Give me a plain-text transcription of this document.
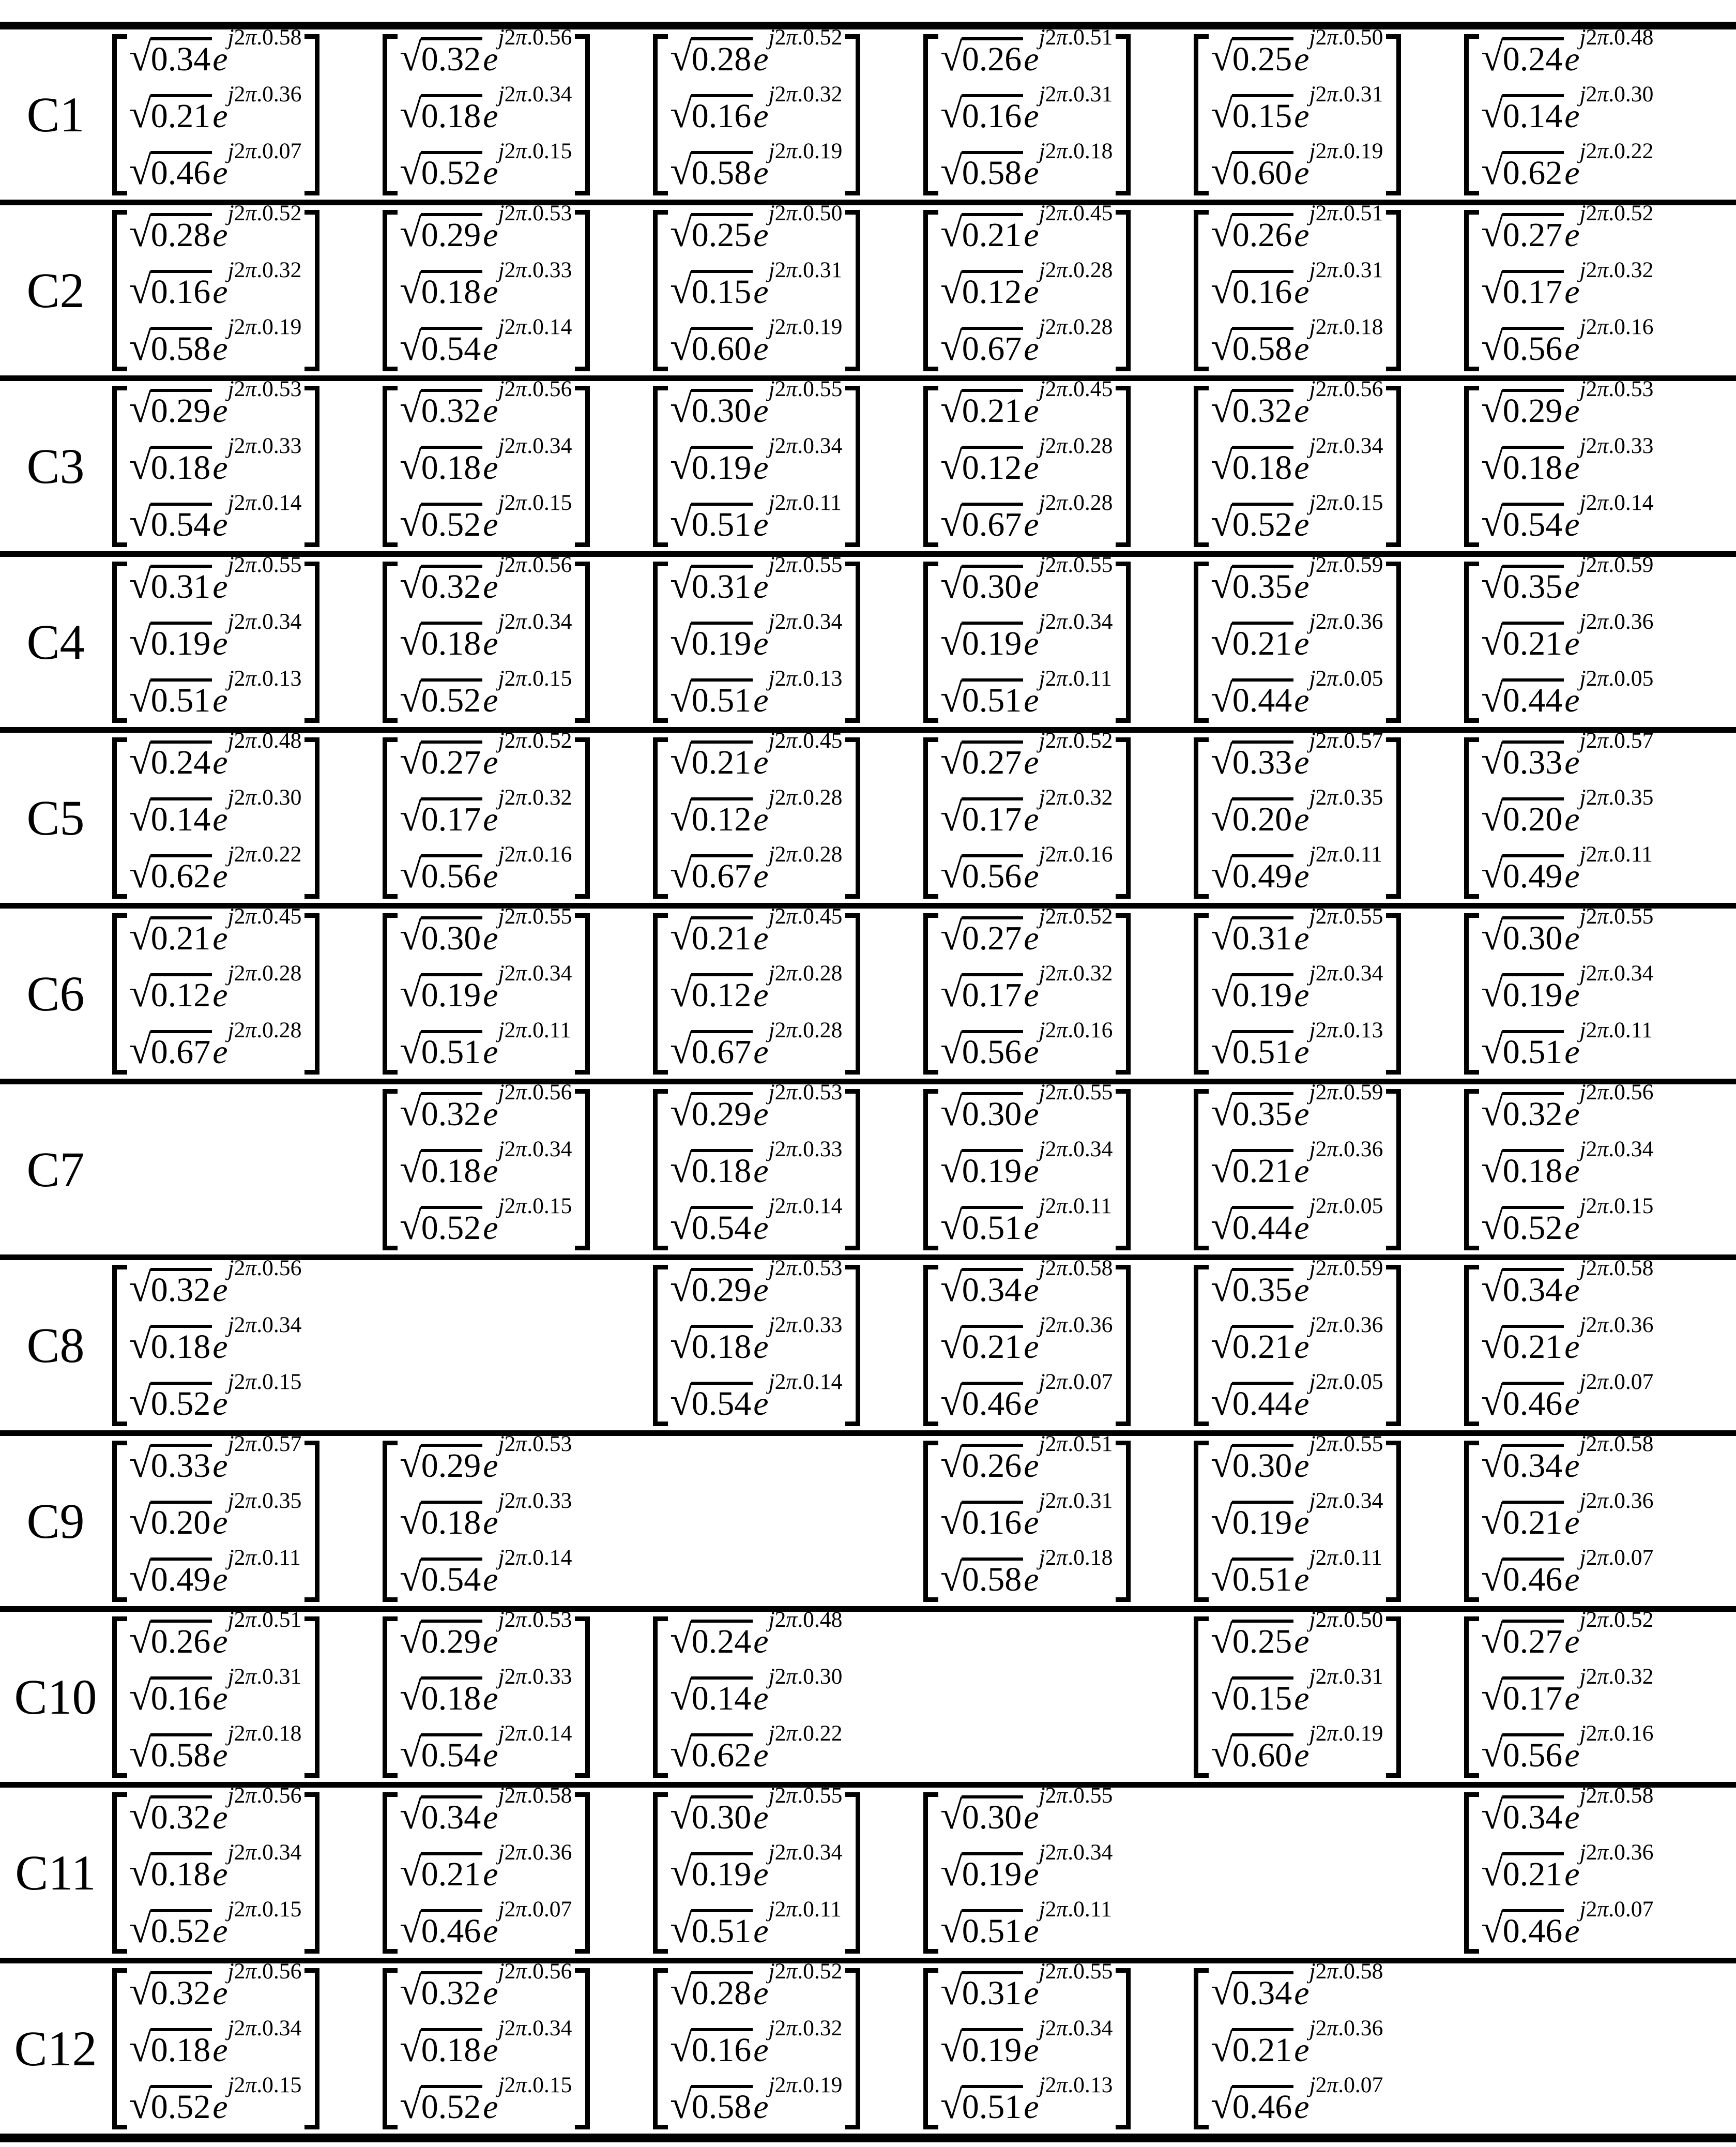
C1
$√0.34e^{j2\pi.0.58}$
$√0.21e^{j2\pi.0.36}$
$√0.46e^{j2\pi.0.07}$
$√0.32e^{j2\pi.0.56}$
$√0.18e^{j2\pi.0.34}$
$√0.52e^{j2\pi.0.15}$
$√0.28e^{j2\pi.0.52}$
$√0.16e^{j2\pi.0.32}$
$√0.58e^{j2\pi.0.19}$
$√0.26e^{j2\pi.0.51}$
$√0.16e^{j2\pi.0.31}$
$√0.58e^{j2\pi.0.18}$
$√0.25e^{j2\pi.0.50}$
$√0.15e^{j2\pi.0.31}$
$√0.60e^{j2\pi.0.19}$
$√0.24e^{j2\pi.0.48}$
$√0.14e^{j2\pi.0.30}$
$√0.62e^{j2\pi.0.22}$
C2
$√0.28e^{j2\pi.0.52}$
$√0.16e^{j2\pi.0.32}$
$√0.58e^{j2\pi.0.19}$
$√0.29e^{j2\pi.0.53}$
$√0.18e^{j2\pi.0.33}$
$√0.54e^{j2\pi.0.14}$
$√0.25e^{j2\pi.0.50}$
$√0.15e^{j2\pi.0.31}$
$√0.60e^{j2\pi.0.19}$
$√0.21e^{j2\pi.0.45}$
$√0.12e^{j2\pi.0.28}$
$√0.67e^{j2\pi.0.28}$
$√0.26e^{j2\pi.0.51}$
$√0.16e^{j2\pi.0.31}$
$√0.58e^{j2\pi.0.18}$
$√0.27e^{j2\pi.0.52}$
$√0.17e^{j2\pi.0.32}$
$√0.56e^{j2\pi.0.16}$
C3
$√0.29e^{j2\pi.0.53}$
$√0.18e^{j2\pi.0.33}$
$√0.54e^{j2\pi.0.14}$
$√0.32e^{j2\pi.0.56}$
$√0.18e^{j2\pi.0.34}$
$√0.52e^{j2\pi.0.15}$
$√0.30e^{j2\pi.0.55}$
$√0.19e^{j2\pi.0.34}$
$√0.51e^{j2\pi.0.11}$
$√0.21e^{j2\pi.0.45}$
$√0.12e^{j2\pi.0.28}$
$√0.67e^{j2\pi.0.28}$
$√0.32e^{j2\pi.0.56}$
$√0.18e^{j2\pi.0.34}$
$√0.52e^{j2\pi.0.15}$
$√0.29e^{j2\pi.0.53}$
$√0.18e^{j2\pi.0.33}$
$√0.54e^{j2\pi.0.14}$
C4
$√0.31e^{j2\pi.0.55}$
$√0.19e^{j2\pi.0.34}$
$√0.51e^{j2\pi.0.13}$
$√0.32e^{j2\pi.0.56}$
$√0.18e^{j2\pi.0.34}$
$√0.52e^{j2\pi.0.15}$
$√0.31e^{j2\pi.0.55}$
$√0.19e^{j2\pi.0.34}$
$√0.51e^{j2\pi.0.13}$
$√0.30e^{j2\pi.0.55}$
$√0.19e^{j2\pi.0.34}$
$√0.51e^{j2\pi.0.11}$
$√0.35e^{j2\pi.0.59}$
$√0.21e^{j2\pi.0.36}$
$√0.44e^{j2\pi.0.05}$
$√0.35e^{j2\pi.0.59}$
$√0.21e^{j2\pi.0.36}$
$√0.44e^{j2\pi.0.05}$
C5
$√0.24e^{j2\pi.0.48}$
$√0.14e^{j2\pi.0.30}$
$√0.62e^{j2\pi.0.22}$
$√0.27e^{j2\pi.0.52}$
$√0.17e^{j2\pi.0.32}$
$√0.56e^{j2\pi.0.16}$
$√0.21e^{j2\pi.0.45}$
$√0.12e^{j2\pi.0.28}$
$√0.67e^{j2\pi.0.28}$
$√0.27e^{j2\pi.0.52}$
$√0.17e^{j2\pi.0.32}$
$√0.56e^{j2\pi.0.16}$
$√0.33e^{j2\pi.0.57}$
$√0.20e^{j2\pi.0.35}$
$√0.49e^{j2\pi.0.11}$
$√0.33e^{j2\pi.0.57}$
$√0.20e^{j2\pi.0.35}$
$√0.49e^{j2\pi.0.11}$
C6
$√0.21e^{j2\pi.0.45}$
$√0.12e^{j2\pi.0.28}$
$√0.67e^{j2\pi.0.28}$
$√0.30e^{j2\pi.0.55}$
$√0.19e^{j2\pi.0.34}$
$√0.51e^{j2\pi.0.11}$
$√0.21e^{j2\pi.0.45}$
$√0.12e^{j2\pi.0.28}$
$√0.67e^{j2\pi.0.28}$
$√0.27e^{j2\pi.0.52}$
$√0.17e^{j2\pi.0.32}$
$√0.56e^{j2\pi.0.16}$
$√0.31e^{j2\pi.0.55}$
$√0.19e^{j2\pi.0.34}$
$√0.51e^{j2\pi.0.13}$
$√0.30e^{j2\pi.0.55}$
$√0.19e^{j2\pi.0.34}$
$√0.51e^{j2\pi.0.11}$
C7
$√0.32e^{j2\pi.0.56}$
$√0.18e^{j2\pi.0.34}$
$√0.52e^{j2\pi.0.15}$
$√0.29e^{j2\pi.0.53}$
$√0.18e^{j2\pi.0.33}$
$√0.54e^{j2\pi.0.14}$
$√0.30e^{j2\pi.0.55}$
$√0.19e^{j2\pi.0.34}$
$√0.51e^{j2\pi.0.11}$
$√0.35e^{j2\pi.0.59}$
$√0.21e^{j2\pi.0.36}$
$√0.44e^{j2\pi.0.05}$
$√0.32e^{j2\pi.0.56}$
$√0.18e^{j2\pi.0.34}$
$√0.52e^{j2\pi.0.15}$
C8
$√0.32e^{j2\pi.0.56}$
$√0.18e^{j2\pi.0.34}$
$√0.52e^{j2\pi.0.15}$
$√0.29e^{j2\pi.0.53}$
$√0.18e^{j2\pi.0.33}$
$√0.54e^{j2\pi.0.14}$
$√0.34e^{j2\pi.0.58}$
$√0.21e^{j2\pi.0.36}$
$√0.46e^{j2\pi.0.07}$
$√0.35e^{j2\pi.0.59}$
$√0.21e^{j2\pi.0.36}$
$√0.44e^{j2\pi.0.05}$
$√0.34e^{j2\pi.0.58}$
$√0.21e^{j2\pi.0.36}$
$√0.46e^{j2\pi.0.07}$
C9
$√0.33e^{j2\pi.0.57}$
$√0.20e^{j2\pi.0.35}$
$√0.49e^{j2\pi.0.11}$
$√0.29e^{j2\pi.0.53}$
$√0.18e^{j2\pi.0.33}$
$√0.54e^{j2\pi.0.14}$
$√0.26e^{j2\pi.0.51}$
$√0.16e^{j2\pi.0.31}$
$√0.58e^{j2\pi.0.18}$
$√0.30e^{j2\pi.0.55}$
$√0.19e^{j2\pi.0.34}$
$√0.51e^{j2\pi.0.11}$
$√0.34e^{j2\pi.0.58}$
$√0.21e^{j2\pi.0.36}$
$√0.46e^{j2\pi.0.07}$
C10
$√0.26e^{j2\pi.0.51}$
$√0.16e^{j2\pi.0.31}$
$√0.58e^{j2\pi.0.18}$
$√0.29e^{j2\pi.0.53}$
$√0.18e^{j2\pi.0.33}$
$√0.54e^{j2\pi.0.14}$
$√0.24e^{j2\pi.0.48}$
$√0.14e^{j2\pi.0.30}$
$√0.62e^{j2\pi.0.22}$
$√0.25e^{j2\pi.0.50}$
$√0.15e^{j2\pi.0.31}$
$√0.60e^{j2\pi.0.19}$
$√0.27e^{j2\pi.0.52}$
$√0.17e^{j2\pi.0.32}$
$√0.56e^{j2\pi.0.16}$
C11
$√0.32e^{j2\pi.0.56}$
$√0.18e^{j2\pi.0.34}$
$√0.52e^{j2\pi.0.15}$
$√0.34e^{j2\pi.0.58}$
$√0.21e^{j2\pi.0.36}$
$√0.46e^{j2\pi.0.07}$
$√0.30e^{j2\pi.0.55}$
$√0.19e^{j2\pi.0.34}$
$√0.51e^{j2\pi.0.11}$
$√0.30e^{j2\pi.0.55}$
$√0.19e^{j2\pi.0.34}$
$√0.51e^{j2\pi.0.11}$
$√0.34e^{j2\pi.0.58}$
$√0.21e^{j2\pi.0.36}$
$√0.46e^{j2\pi.0.07}$
C12
$√0.32e^{j2\pi.0.56}$
$√0.18e^{j2\pi.0.34}$
$√0.52e^{j2\pi.0.15}$
$√0.32e^{j2\pi.0.56}$
$√0.18e^{j2\pi.0.34}$
$√0.52e^{j2\pi.0.15}$
$√0.28e^{j2\pi.0.52}$
$√0.16e^{j2\pi.0.32}$
$√0.58e^{j2\pi.0.19}$
$√0.31e^{j2\pi.0.55}$
$√0.19e^{j2\pi.0.34}$
$√0.51e^{j2\pi.0.13}$
$√0.34e^{j2\pi.0.58}$
$√0.21e^{j2\pi.0.36}$
$√0.46e^{j2\pi.0.07}$
